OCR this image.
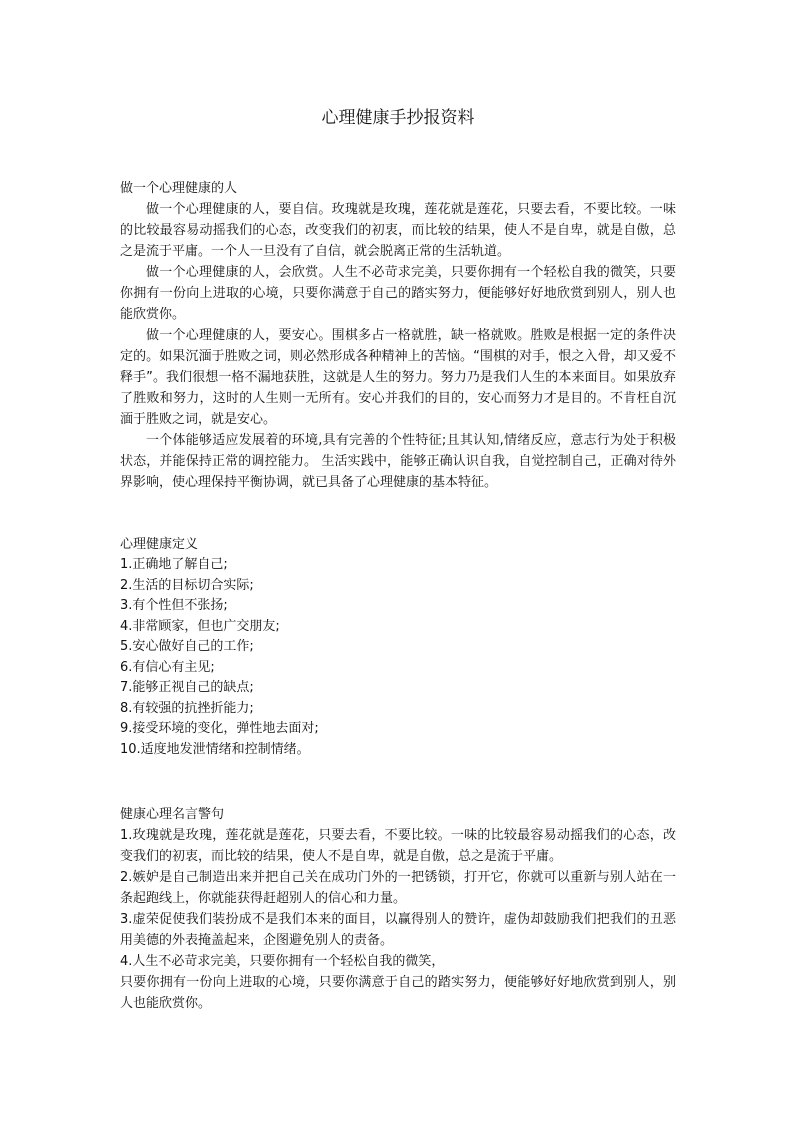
心理健康手抄报资料
做一个心理健康的人

做一个心理健康的人，要自信。玫瑰就是玫瑰，莲花就是莲花，只要去看，不要比较。一味的比较最容易动摇我们的心态，改变我们的初衷，而比较的结果，使人不是自卑，就是自傲，总之是流于平庸。一个人一旦没有了自信，就会脱离正常的生活轨道。

做一个心理健康的人，会欣赏。人生不必苛求完美，只要你拥有一个轻松自我的微笑，只要你拥有一份向上进取的心境，只要你满意于自己的踏实努力，便能够好好地欣赏到别人，别人也能欣赏你。

做一个心理健康的人，要安心。围棋多占一格就胜，缺一格就败。胜败是根据一定的条件决定的。如果沉湎于胜败之词，则必然形成各种精神上的苦恼。“围棋的对手，恨之入骨，却又爱不释手”。我们很想一格不漏地获胜，这就是人生的努力。努力乃是我们人生的本来面目。如果放弃了胜败和努力，这时的人生则一无所有。安心并我们的目的，安心而努力才是目的。不肯枉自沉湎于胜败之词，就是安心。

一个体能够适应发展着的环境,具有完善的个性特征;且其认知,情绪反应，意志行为处于积极状态，并能保持正常的调控能力。 生活实践中，能够正确认识自我，自觉控制自己，正确对待外界影响，使心理保持平衡协调，就已具备了心理健康的基本特征。

心理健康定义
1.正确地了解自己;
2.生活的目标切合实际;
3.有个性但不张扬;
4.非常顾家，但也广交朋友;
5.安心做好自己的工作;
6.有信心有主见;
7.能够正视自己的缺点;
8.有较强的抗挫折能力;
9.接受环境的变化，弹性地去面对;
10.适度地发泄情绪和控制情绪。
健康心理名言警句
1.玫瑰就是玫瑰，莲花就是莲花，只要去看，不要比较。一味的比较最容易动摇我们的心态，改变我们的初衷，而比较的结果，使人不是自卑，就是自傲，总之是流于平庸。
2.嫉妒是自己制造出来并把自己关在成功门外的一把锈锁，打开它，你就可以重新与别人站在一条起跑线上，你就能获得赶超别人的信心和力量。
3.虚荣促使我们装扮成不是我们本来的面目，以赢得别人的赞许，虚伪却鼓励我们把我们的丑恶用美德的外表掩盖起来，企图避免别人的责备。
4.人生不必苛求完美，只要你拥有一个轻松自我的微笑，
只要你拥有一份向上进取的心境，只要你满意于自己的踏实努力，便能够好好地欣赏到别人，别人也能欣赏你。
